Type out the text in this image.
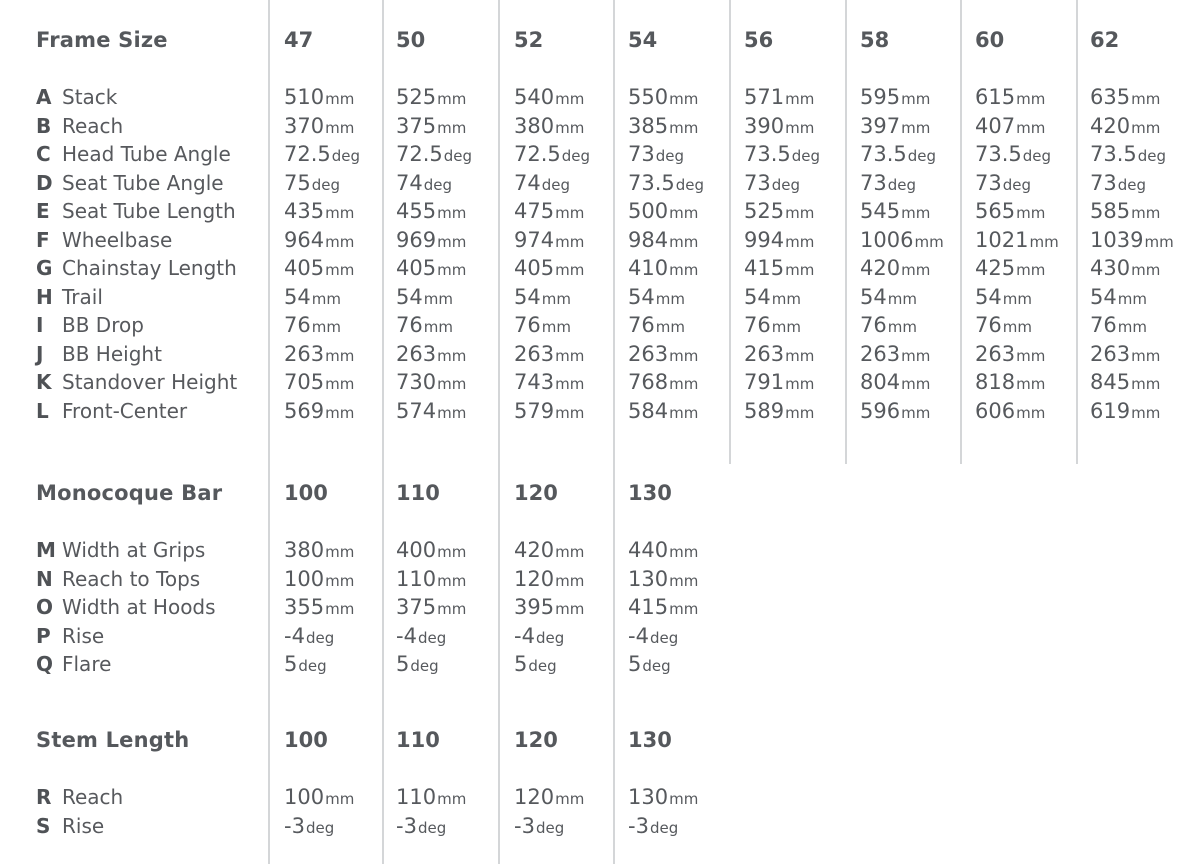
Frame Size	47	50	52	54	56	58	60	62
A Stack	510mm 525mm 540mm 550mm 571mm 595mm 615mm 635mm
B Reach	370mm 375mm 380mm 385mm 390mm 397mm 407mm 420mm
C Head Tube Angle	72.5deg 72.5deg 72.5deg 73deg	73.5deg 73.5deg 73.5deg 73.5deg
D Seat Tube Angle	75deg	74deg	74deg	73.5deg 73deg	73deg	73deg	73deg
E Seat Tube Length 435mm 455mm 475mm 500mm 525mm 545mm 565mm 585mm
F Wheelbase	964mm 969mm 974mm 984mm 994mm 1006mm 1021mm 1039mm
G Chainstay Length 405mm 405mm 405mm 410mm 415mm 420mm 425mm 430mm
H Trail	54mm	54mm	54mm	54mm	54mm	54mm	54mm	54mm
I BB Drop	76mm	76mm	76mm	76mm	76mm	76mm	76mm	76mm
J BB Height	263mm 263mm 263mm 263mm 263mm 263mm 263mm 263mm
K Standover Height 705mm 730mm 743mm 768mm 791mm 804mm 818mm 845mm
L Front-Center	569mm 574mm 579mm 584mm 589mm 596mm 606mm 619mm
Monocoque Bar	100	110	120	130
M Width at Grips	380mm 400mm 420mm 440mm
N Reach to Tops	100mm 110mm 120mm 130mm
O Width at Hoods	355mm 375mm 395mm 415mm
P Rise	-4deg	-4deg	-4deg	-4deg
Q Flare	5deg	5deg	5deg	5deg
Stem Length	100	110	120	130
R Reach	100mm 110mm 120mm 130mm
S Rise	-3deg	-3deg	-3deg	-3deg
